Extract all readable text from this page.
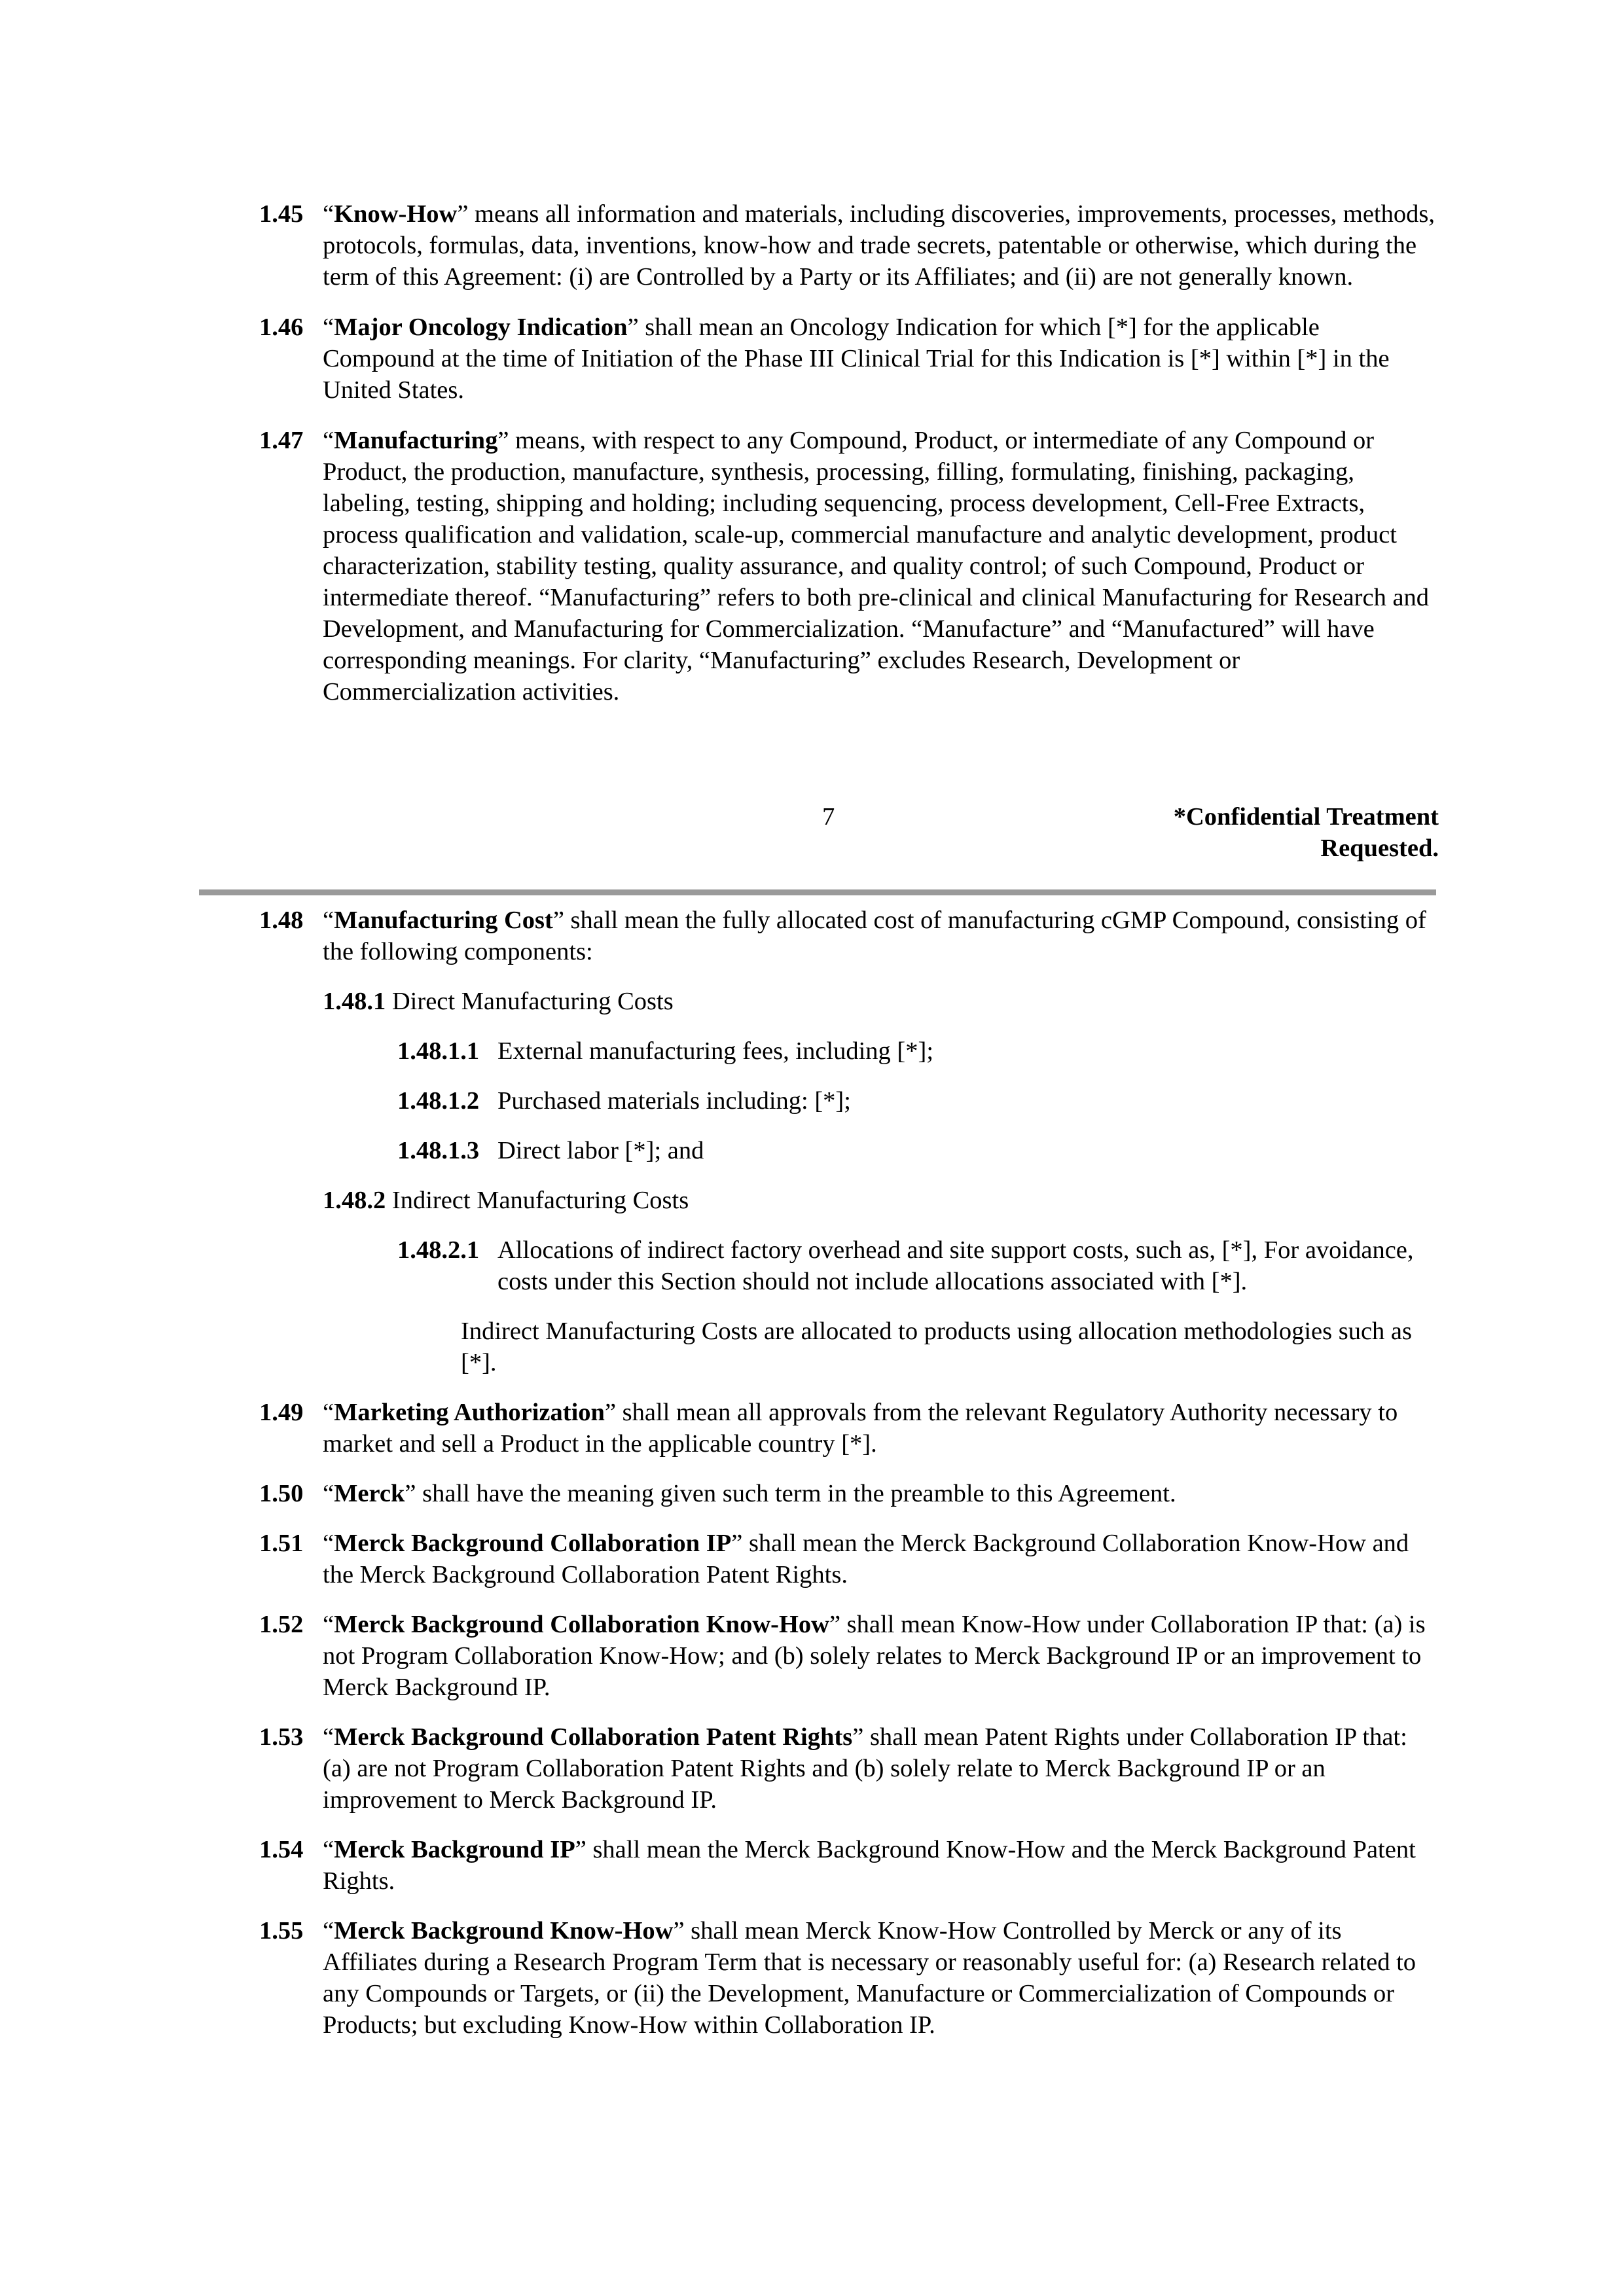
1.45 “Know-How” means all information and materials, including discoveries, improvements, processes, methods, protocols, formulas, data, inventions, know-how and trade secrets, patentable or otherwise, which during the term of this Agreement: (i) are Controlled by a Party or its Affiliates; and (ii) are not generally known.

1.46 “Major Oncology Indication” shall mean an Oncology Indication for which [*] for the applicable Compound at the time of Initiation of the Phase III Clinical Trial for this Indication is [*] within [*] in the United States.

1.47 “Manufacturing” means, with respect to any Compound, Product, or intermediate of any Compound or Product, the production, manufacture, synthesis, processing, filling, formulating, finishing, packaging, labeling, testing, shipping and holding; including sequencing, process development, Cell-Free Extracts, process qualification and validation, scale-up, commercial manufacture and analytic development, product characterization, stability testing, quality assurance, and quality control; of such Compound, Product or intermediate thereof. “Manufacturing” refers to both pre-clinical and clinical Manufacturing for Research and Development, and Manufacturing for Commercialization. “Manufacture” and “Manufactured” will have corresponding meanings. For clarity, “Manufacturing” excludes Research, Development or Commercialization activities.

7	*Confidential Treatment
Requested.

1.48 “Manufacturing Cost” shall mean the fully allocated cost of manufacturing cGMP Compound, consisting of the following components:

1.48.1 Direct Manufacturing Costs
1.48.1.1 External manufacturing fees, including [*];
1.48.1.2 Purchased materials including: [*];
1.48.1.3 Direct labor [*]; and
1.48.2 Indirect Manufacturing Costs
1.48.2.1 Allocations of indirect factory overhead and site support costs, such as, [*], For avoidance, costs under this Section should not include allocations associated with [*].
Indirect Manufacturing Costs are allocated to products using allocation methodologies such as [*].

1.49 “Marketing Authorization” shall mean all approvals from the relevant Regulatory Authority necessary to market and sell a Product in the applicable country [*].

1.50 “Merck” shall have the meaning given such term in the preamble to this Agreement.

1.51 “Merck Background Collaboration IP” shall mean the Merck Background Collaboration Know-How and the Merck Background Collaboration Patent Rights.

1.52 “Merck Background Collaboration Know-How” shall mean Know-How under Collaboration IP that: (a) is not Program Collaboration Know-How; and (b) solely relates to Merck Background IP or an improvement to Merck Background IP.

1.53 “Merck Background Collaboration Patent Rights” shall mean Patent Rights under Collaboration IP that: (a) are not Program Collaboration Patent Rights and (b) solely relate to Merck Background IP or an improvement to Merck Background IP.

1.54 “Merck Background IP” shall mean the Merck Background Know-How and the Merck Background Patent Rights.

1.55 “Merck Background Know-How” shall mean Merck Know-How Controlled by Merck or any of its Affiliates during a Research Program Term that is necessary or reasonably useful for: (a) Research related to any Compounds or Targets, or (ii) the Development, Manufacture or Commercialization of Compounds or Products; but excluding Know-How within Collaboration IP.
